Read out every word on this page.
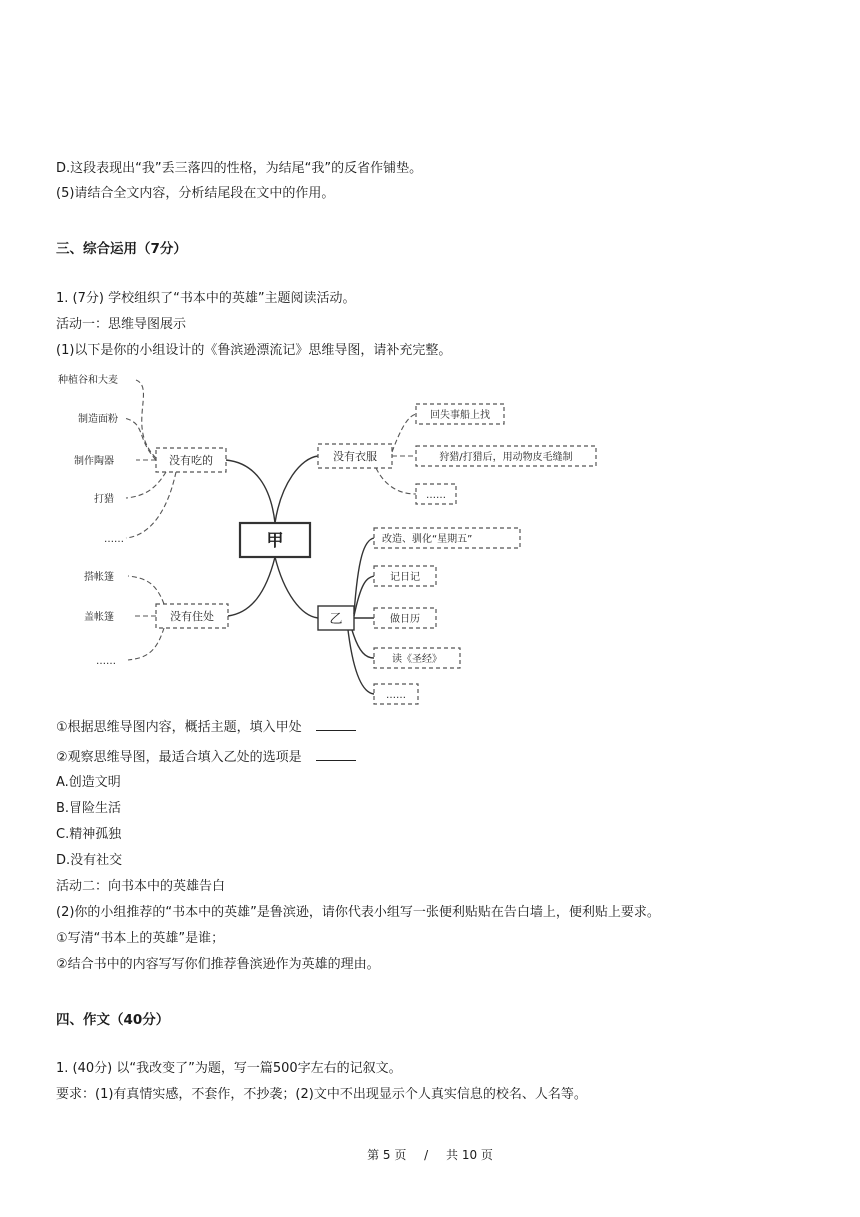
D.这段表现出“我”丢三落四的性格，为结尾“我”的反省作铺垫。
(5)请结合全文内容，分析结尾段在文中的作用。
三、综合运用（7分）
1. (7分) 学校组织了“书本中的英雄”主题阅读活动。
活动一：思维导图展示
(1)以下是你的小组设计的《鲁滨逊漂流记》思维导图，请补充完整。
甲
没有吃的	没有衣服
没有住处	乙
种植谷和大麦
制造面粉
制作陶器
打猎
……
回失事船上找
狩猎/打猎后，用动物皮毛缝制
……
搭帐篷
盖帐篷
……
改造、驯化“星期五”
记日记
做日历
读《圣经》
……
①根据思维导图内容，概括主题，填入甲处
②观察思维导图，最适合填入乙处的选项是
A.创造文明
B.冒险生活
C.精神孤独
D.没有社交
活动二：向书本中的英雄告白
(2)你的小组推荐的“书本中的英雄”是鲁滨逊，请你代表小组写一张便利贴贴在告白墙上，便利贴上要求。
①写清“书本上的英雄”是谁；
②结合书中的内容写写你们推荐鲁滨逊作为英雄的理由。
四、作文（40分）
1. (40分) 以“我改变了”为题，写一篇500字左右的记叙文。
要求：(1)有真情实感，不套作，不抄袭；(2)文中不出现显示个人真实信息的校名、人名等。
第 5 页 / 共 10 页
